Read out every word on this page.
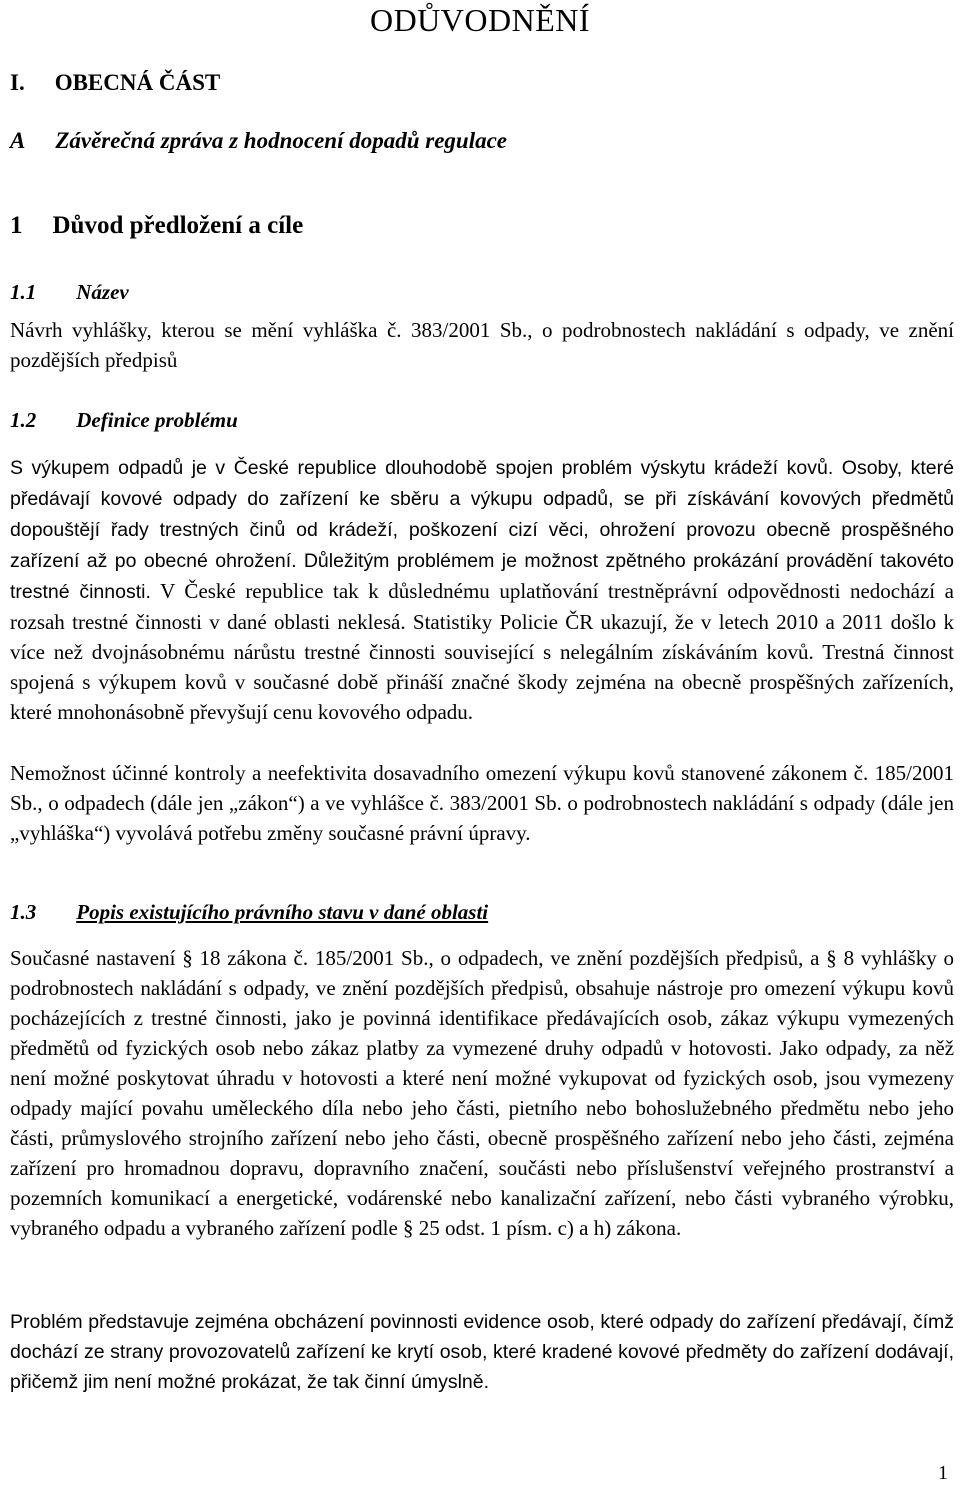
ODŮVODNĚNÍ
I. OBECNÁ ČÁST
A Závěrečná zpráva z hodnocení dopadů regulace
1 Důvod předložení a cíle
1.1 Název

Návrh vyhlášky, kterou se mění vyhláška č. 383/2001 Sb., o podrobnostech nakládání s odpady, ve znění pozdějších předpisů

1.2 Definice problému

S výkupem odpadů je v České republice dlouhodobě spojen problém výskytu krádeží kovů. Osoby, které předávají kovové odpady do zařízení ke sběru a výkupu odpadů, se při získávání kovových předmětů dopouštějí řady trestných činů od krádeží, poškození cizí věci, ohrožení provozu obecně prospěšného zařízení až po obecné ohrožení. Důležitým problémem je možnost zpětného prokázání provádění takovéto trestné činnosti. V České republice tak k důslednému uplatňování trestněprávní odpovědnosti nedochází a rozsah trestné činnosti v dané oblasti neklesá. Statistiky Policie ČR ukazují, že v letech 2010 a 2011 došlo k více než dvojnásobnému nárůstu trestné činnosti související s nelegálním získáváním kovů. Trestná činnost spojená s výkupem kovů v současné době přináší značné škody zejména na obecně prospěšných zařízeních, které mnohonásobně převyšují cenu kovového odpadu.

Nemožnost účinné kontroly a neefektivita dosavadního omezení výkupu kovů stanovené zákonem č. 185/2001 Sb., o odpadech (dále jen „zákon“) a ve vyhlášce č. 383/2001 Sb. o podrobnostech nakládání s odpady (dále jen „vyhláška“) vyvolává potřebu změny současné právní úpravy.

1.3 Popis existujícího právního stavu v dané oblasti

Současné nastavení § 18 zákona č. 185/2001 Sb., o odpadech, ve znění pozdějších předpisů, a § 8 vyhlášky o podrobnostech nakládání s odpady, ve znění pozdějších předpisů, obsahuje nástroje pro omezení výkupu kovů pocházejících z trestné činnosti, jako je povinná identifikace předávajících osob, zákaz výkupu vymezených předmětů od fyzických osob nebo zákaz platby za vymezené druhy odpadů v hotovosti. Jako odpady, za něž není možné poskytovat úhradu v hotovosti a které není možné vykupovat od fyzických osob, jsou vymezeny odpady mající povahu uměleckého díla nebo jeho části, pietního nebo bohoslužebného předmětu nebo jeho části, průmyslového strojního zařízení nebo jeho části, obecně prospěšného zařízení nebo jeho části, zejména zařízení pro hromadnou dopravu, dopravního značení, součásti nebo příslušenství veřejného prostranství a pozemních komunikací a energetické, vodárenské nebo kanalizační zařízení, nebo části vybraného výrobku, vybraného odpadu a vybraného zařízení podle § 25 odst. 1 písm. c) a h) zákona.

Problém představuje zejména obcházení povinnosti evidence osob, které odpady do zařízení předávají, čímž dochází ze strany provozovatelů zařízení ke krytí osob, které kradené kovové předměty do zařízení dodávají, přičemž jim není možné prokázat, že tak činní úmyslně.

1
